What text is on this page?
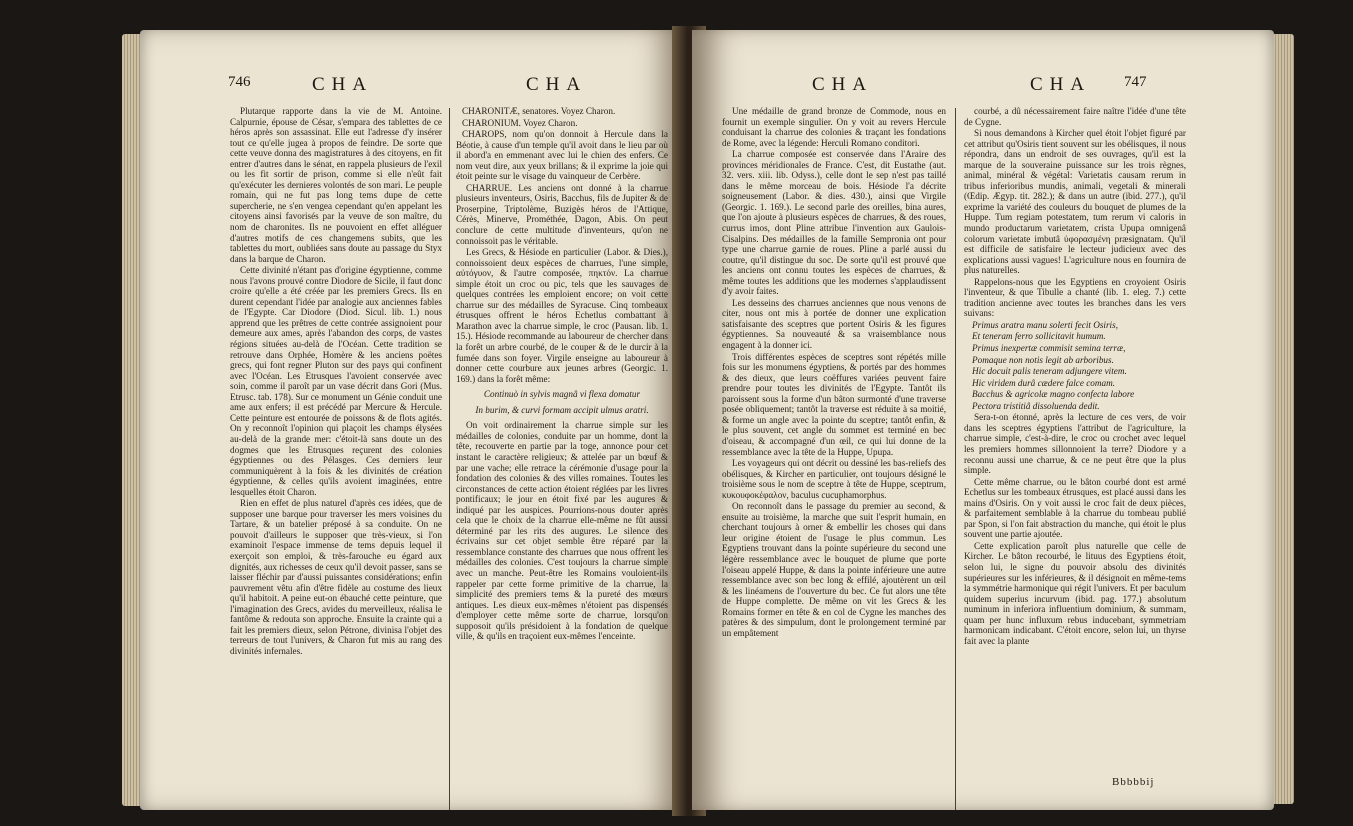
746	CHA	CHA

Plutarque rapporte dans la vie de M. Antoine. Calpurnie, épouse de César, s'empara des tablettes de ce héros après son assassinat. Elle eut l'adresse d'y insérer tout ce qu'elle jugea à propos de feindre. De sorte que cette veuve donna des magistratures à des citoyens, en fit entrer d'autres dans le sénat, en rappela plusieurs de l'exil ou les fit sortir de prison, comme si elle n'eût fait qu'exécuter les dernieres volontés de son mari. Le peuple romain, qui ne fut pas long tems dupe de cette supercherie, ne s'en vengea cependant qu'en appelant les citoyens ainsi favorisés par la veuve de son maître, du nom de charonites. Ils ne pouvoient en effet alléguer d'autres motifs de ces changemens subits, que les tablettes du mort, oubliées sans doute au passage du Styx dans la barque de Charon.

Cette divinité n'étant pas d'origine égyptienne, comme nous l'avons prouvé contre Diodore de Sicile, il faut donc croire qu'elle a été créée par les premiers Grecs. Ils en durent cependant l'idée par analogie aux anciennes fables de l'Egypte. Car Diodore (Diod. Sicul. lib. 1.) nous apprend que les prêtres de cette contrée assignoient pour demeure aux ames, après l'abandon des corps, de vastes régions situées au-delà de l'Océan. Cette tradition se retrouve dans Orphée, Homère & les anciens poëtes grecs, qui font regner Pluton sur des pays qui confinent avec l'Océan. Les Etrusques l'avoient conservée avec soin, comme il paroît par un vase décrit dans Gori (Mus. Etrusc. tab. 178). Sur ce monument un Génie conduit une ame aux enfers; il est précédé par Mercure & Hercule. Cette peinture est entourée de poissons & de flots agités. On y reconnoît l'opinion qui plaçoit les champs élysées au-delà de la grande mer: c'étoit-là sans doute un des dogmes que les Etrusques reçurent des colonies égyptiennes ou des Pélasges. Ces derniers leur communiquèrent à la fois & les divinités de création égyptienne, & celles qu'ils avoient imaginées, entre lesquelles étoit Charon.

Rien en effet de plus naturel d'après ces idées, que de supposer une barque pour traverser les mers voisines du Tartare, & un batelier préposé à sa conduite. On ne pouvoit d'ailleurs le supposer que très-vieux, si l'on examinoit l'espace immense de tems depuis lequel il exerçoit son emploi, & très-farouche eu égard aux dignités, aux richesses de ceux qu'il devoit passer, sans se laisser fléchir par d'aussi puissantes considérations; enfin pauvrement vêtu afin d'être fidèle au costume des lieux qu'il habitoit. A peine eut-on ébauché cette peinture, que l'imagination des Grecs, avides du merveilleux, réalisa le fantôme & redouta son approche. Ensuite la crainte qui a fait les premiers dieux, selon Pétrone, divinisa l'objet des terreurs de tout l'univers, & Charon fut mis au rang des divinités infernales.

CHARONITÆ, senatores. Voyez Charon.

CHARONIUM. Voyez Charon.

CHAROPS, nom qu'on donnoit à Hercule dans la Béotie, à cause d'un temple qu'il avoit dans le lieu par où il abord'a en emmenant avec lui le chien des enfers. Ce nom veut dire, aux yeux brillans; & il exprime la joie qui étoit peinte sur le visage du vainqueur de Cerbère.

CHARRUE. Les anciens ont donné à la charrue plusieurs inventeurs, Osiris, Bacchus, fils de Jupiter & de Proserpine, Triptolème, Buzigès héros de l'Attique, Cérès, Minerve, Prométhée, Dagon, Abis. On peut conclure de cette multitude d'inventeurs, qu'on ne connoissoit pas le véritable.

Les Grecs, & Hésiode en particulier (Labor. & Dies.), connoissoient deux espèces de charrues, l'une simple, αὐτόγυον, & l'autre composée, πηκτόν. La charrue simple étoit un croc ou pic, tels que les sauvages de quelques contrées les emploient encore; on voit cette charrue sur des médailles de Syracuse. Cinq tombeaux étrusques offrent le héros Echetlus combattant à Marathon avec la charrue simple, le croc (Pausan. lib. 1. 15.). Hésiode recommande au laboureur de chercher dans la forêt un arbre courbé, de le couper & de le durcir à la fumée dans son foyer. Virgile enseigne au laboureur à donner cette courbure aux jeunes arbres (Georgic. 1. 169.) dans la forêt même:

Continuò in sylvis magnâ vi flexa domatur

In burim, & curvi formam accipit ulmus aratri.

On voit ordinairement la charrue simple sur les médailles de colonies, conduite par un homme, dont la tête, recouverte en partie par la toge, annonce pour cet instant le caractère religieux; & attelée par un bœuf & par une vache; elle retrace la cérémonie d'usage pour la fondation des colonies & des villes romaines. Toutes les circonstances de cette action étoient réglées par les livres pontificaux; le jour en étoit fixé par les augures & indiqué par les auspices. Pourrions-nous douter après cela que le choix de la charrue elle-même ne fût aussi déterminé par les rits des augures. Le silence des écrivains sur cet objet semble être réparé par la ressemblance constante des charrues que nous offrent les médailles des colonies. C'est toujours la charrue simple avec un manche. Peut-être les Romains vouloient-ils rappeler par cette forme primitive de la charrue, la simplicité des premiers tems & la pureté des mœurs antiques. Les dieux eux-mêmes n'étoient pas dispensés d'employer cette même sorte de charrue, lorsqu'on supposoit qu'ils présidoient à la fondation de quelque ville, & qu'ils en traçoient eux-mêmes l'enceinte.

CHA	CHA 747

Une médaille de grand bronze de Commode, nous en fournit un exemple singulier. On y voit au revers Hercule conduisant la charrue des colonies & traçant les fondations de Rome, avec la légende: Herculi Romano conditori.

La charrue composée est conservée dans l'Araire des provinces méridionales de France. C'est, dit Eustathe (aut. 32. vers. xiii. lib. Odyss.), celle dont le sep n'est pas taillé dans le même morceau de bois. Hésiode l'a décrite soigneusement (Labor. & dies. 430.), ainsi que Virgile (Georgic. 1. 169.). Le second parle des oreilles, bina aures, que l'on ajoute à plusieurs espèces de charrues, & des roues, currus imos, dont Pline attribue l'invention aux Gaulois-Cisalpins. Des médailles de la famille Sempronia ont pour type une charrue garnie de roues. Pline a parlé aussi du coutre, qu'il distingue du soc. De sorte qu'il est prouvé que les anciens ont connu toutes les espèces de charrues, & même toutes les additions que les modernes s'applaudissent d'y avoir faites.

Les desseins des charrues anciennes que nous venons de citer, nous ont mis à portée de donner une explication satisfaisante des sceptres que portent Osiris & les figures égyptiennes. Sa nouveauté & sa vraisemblance nous engagent à la donner ici.

Trois différentes espèces de sceptres sont répétés mille fois sur les monumens égyptiens, & portés par des hommes & des dieux, que leurs coëffures variées peuvent faire prendre pour toutes les divinités de l'Egypte. Tantôt ils paroissent sous la forme d'un bâton surmonté d'une traverse posée obliquement; tantôt la traverse est réduite à sa moitié, & forme un angle avec la pointe du sceptre; tantôt enfin, & le plus souvent, cet angle du sommet est terminé en bec d'oiseau, & accompagné d'un œil, ce qui lui donne de la ressemblance avec la tête de la Huppe, Upupa.

Les voyageurs qui ont décrit ou dessiné les bas-reliefs des obélisques, & Kircher en particulier, ont toujours désigné le troisième sous le nom de sceptre à tête de Huppe, sceptrum, κυκουφοκέφαλον, baculus cucuphamorphus.

On reconnoît dans le passage du premier au second, & ensuite au troisième, la marche que suit l'esprit humain, en cherchant toujours à orner & embellir les choses qui dans leur origine étoient de l'usage le plus commun. Les Egyptiens trouvant dans la pointe supérieure du second une légère ressemblance avec le bouquet de plume que porte l'oiseau appelé Huppe, & dans la pointe inférieure une autre ressemblance avec son bec long & effilé, ajoutèrent un œil & les linéamens de l'ouverture du bec. Ce fut alors une tête de Huppe complette. De même on vit les Grecs & les Romains former en tête & en col de Cygne les manches des patères & des simpulum, dont le prolongement terminé par un empâtement

courbé, a dû nécessairement faire naître l'idée d'une tête de Cygne.

Si nous demandons à Kircher quel étoit l'objet figuré par cet attribut qu'Osiris tient souvent sur les obélisques, il nous répondra, dans un endroit de ses ouvrages, qu'il est la marque de la souveraine puissance sur les trois règnes, animal, minéral & végétal: Varietatis causam rerum in tribus inferioribus mundis, animali, vegetali & minerali (Œdip. Ægyp. tit. 282.); & dans un autre (ibid. 277.), qu'il exprime la variété des couleurs du bouquet de plumes de la Huppe. Tum regiam potestatem, tum rerum vi caloris in mundo productarum varietatem, crista Upupa omnigenâ colorum varietate imbutâ ὑφορασμένη præsignatam. Qu'il est difficile de satisfaire le lecteur judicieux avec des explications aussi vagues! L'agriculture nous en fournira de plus naturelles.

Rappelons-nous que les Egyptiens en croyoient Osiris l'inventeur, & que Tibulle a chanté (lib. 1. eleg. 7.) cette tradition ancienne avec toutes les branches dans les vers suivans:

Primus aratra manu solerti fecit Osiris,

Et teneram ferro sollicitavit humum.

Primus inexpertæ commisit semina terræ,

Pomaque non notis legit ab arboribus.

Hic docuit palis teneram adjungere vitem.

Hic viridem durâ cædere falce comam.

Bacchus & agricolæ magno confecta labore

Pectora tristitiâ dissoluenda dedit.

Sera-t-on étonné, après la lecture de ces vers, de voir dans les sceptres égyptiens l'attribut de l'agriculture, la charrue simple, c'est-à-dire, le croc ou crochet avec lequel les premiers hommes sillonnoient la terre? Diodore y a reconnu aussi une charrue, & ce ne peut être que la plus simple.

Cette même charrue, ou le bâton courbé dont est armé Echetlus sur les tombeaux étrusques, est placé aussi dans les mains d'Osiris. On y voit aussi le croc fait de deux pièces, & parfaitement semblable à la charrue du tombeau publié par Spon, si l'on fait abstraction du manche, qui étoit le plus souvent une partie ajoutée.

Cette explication paroît plus naturelle que celle de Kircher. Le bâton recourbé, le lituus des Egyptiens étoit, selon lui, le signe du pouvoir absolu des divinités supérieures sur les inférieures, & il désignoit en même-tems la symmétrie harmonique qui régit l'univers. Et per baculum quidem superius incurvum (ibid. pag. 177.) absolutum numinum in inferiora influentium dominium, & summam, quam per hunc influxum rebus inducebant, symmetriam harmonicam indicabant. C'étoit encore, selon lui, un thyrse fait avec la plante

Bbbbbij
